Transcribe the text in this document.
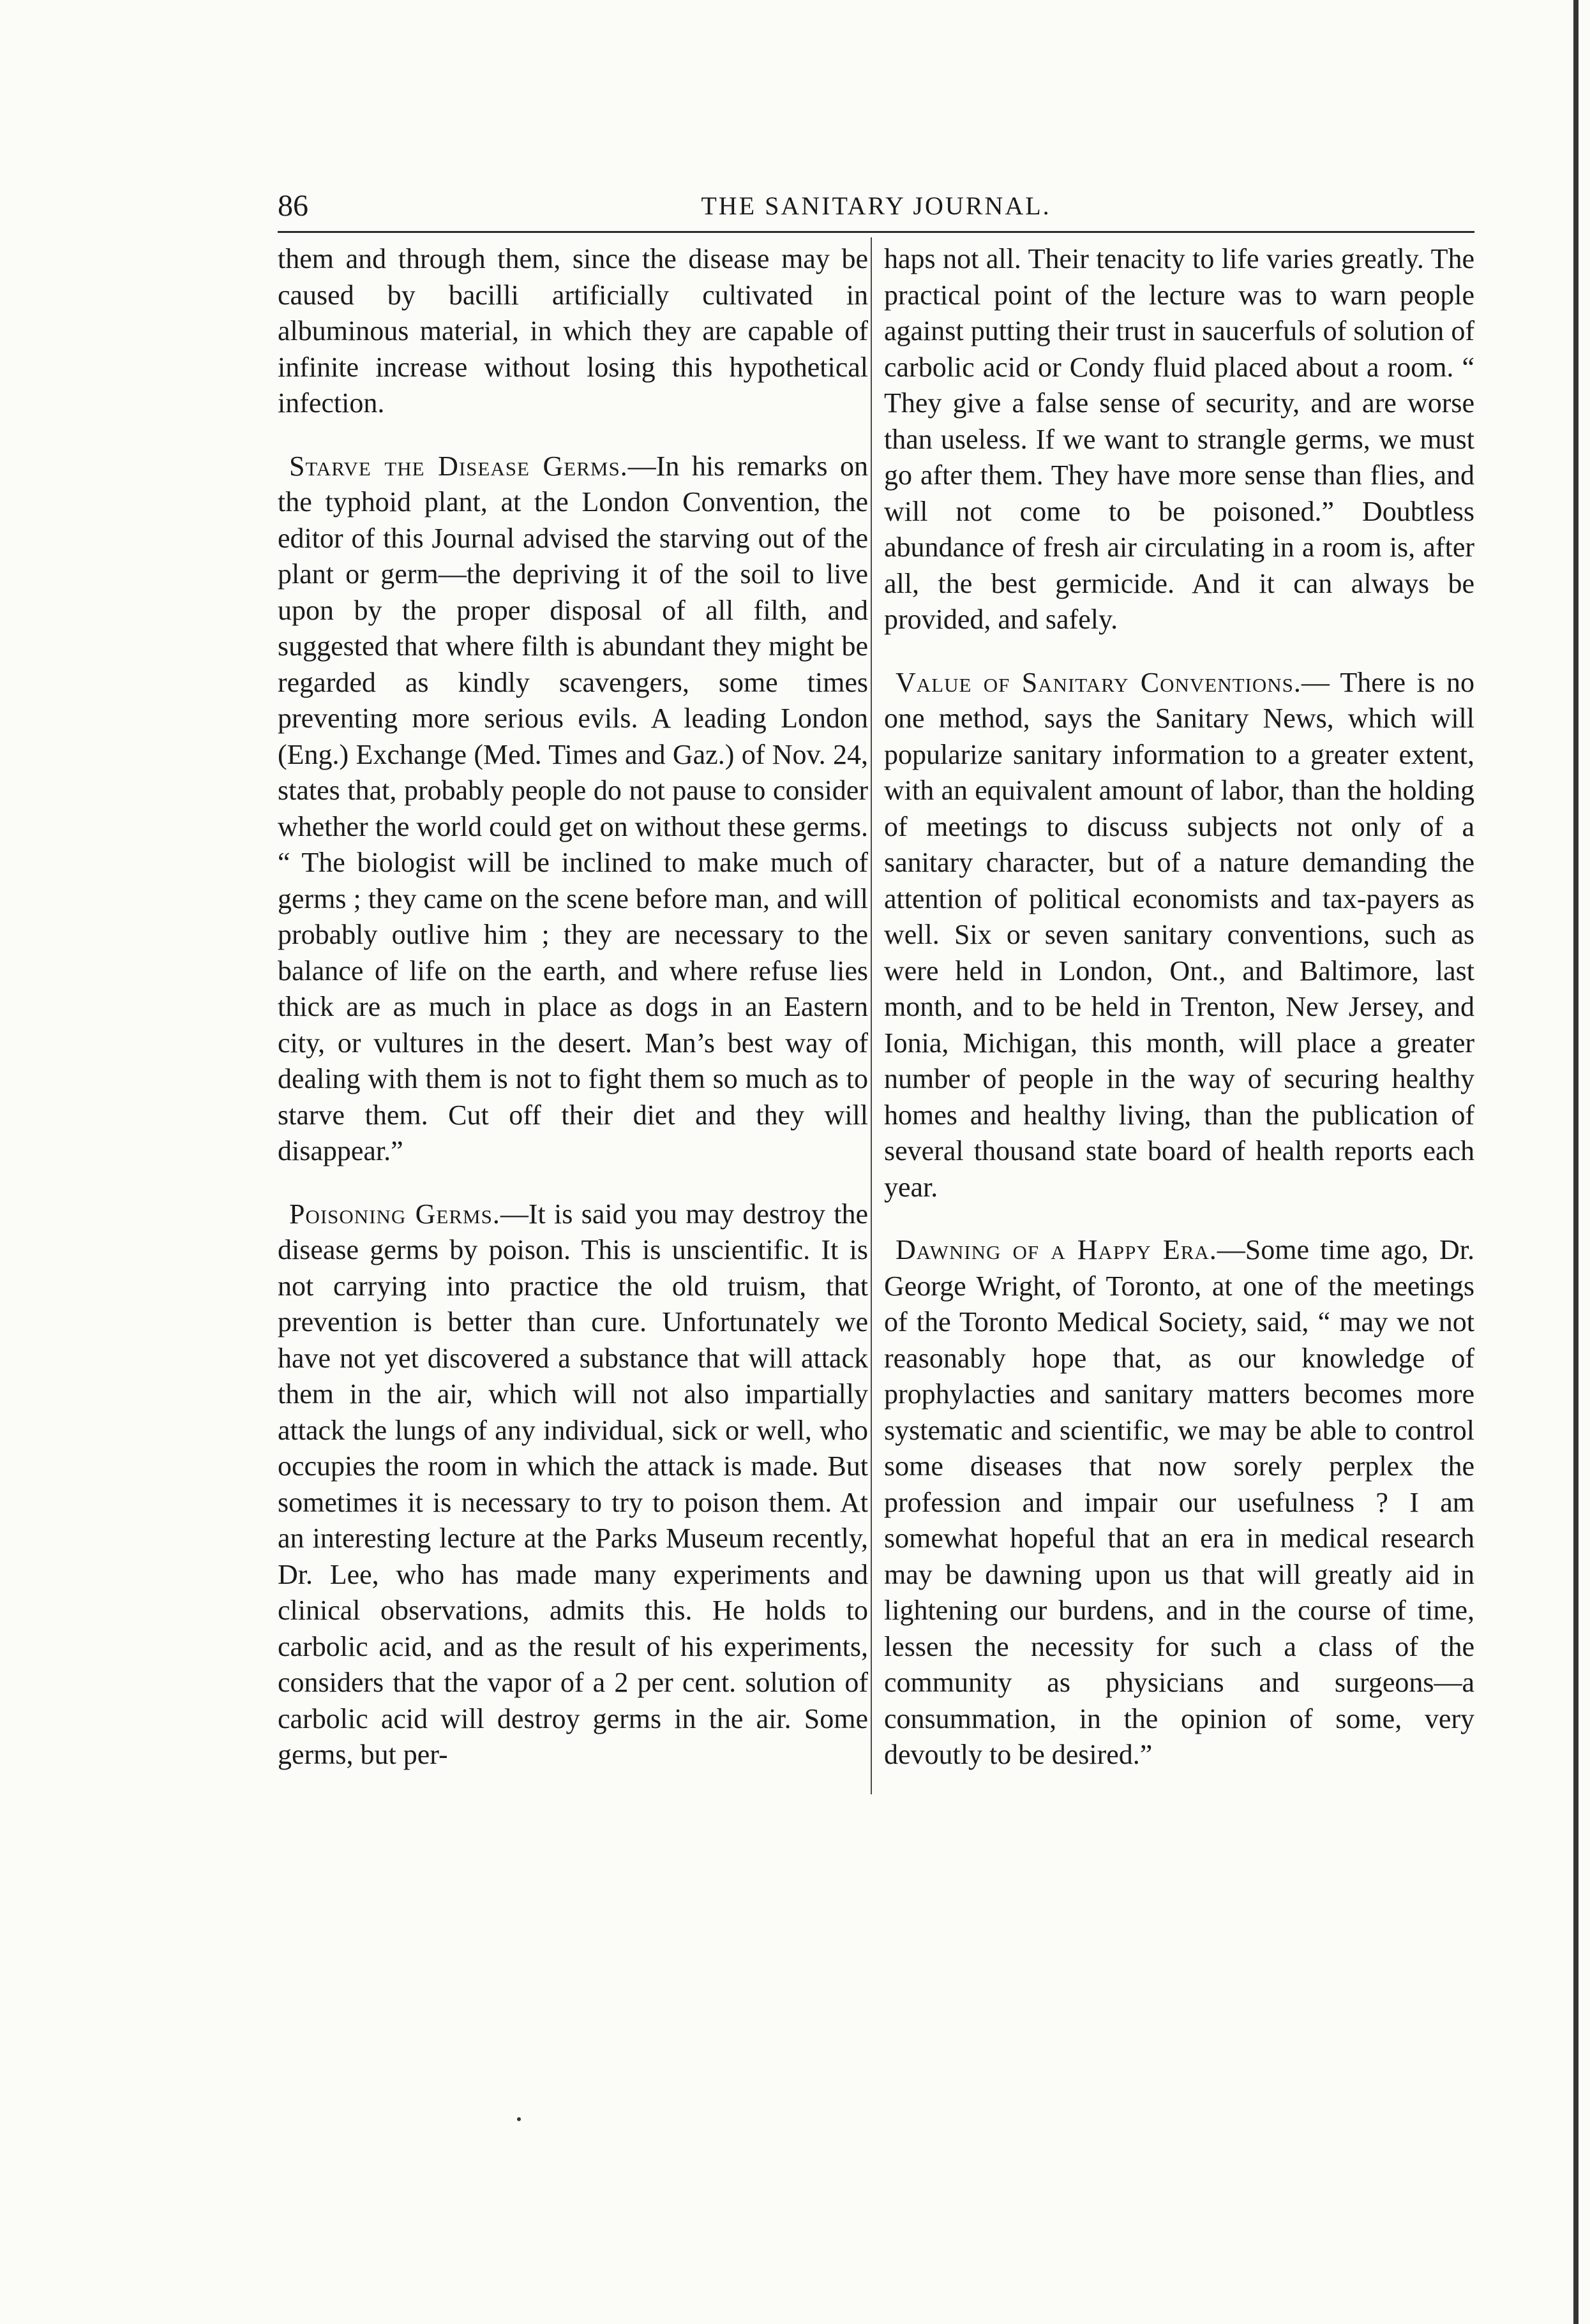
86	THE SANITARY JOURNAL.

them and through them, since the disease may be caused by bacilli artificially cultivated in albuminous material, in which they are capable of infinite increase without losing this hypothetical infection.

Starve the Disease Germs.—In his remarks on the typhoid plant, at the London Convention, the editor of this Journal advised the starving out of the plant or germ—the depriving it of the soil to live upon by the proper disposal of all filth, and suggested that where filth is abundant they might be regarded as kindly scavengers, some times preventing more serious evils. A leading London (Eng.) Exchange (Med. Times and Gaz.) of Nov. 24, states that, probably people do not pause to consider whether the world could get on without these germs. “ The biologist will be inclined to make much of germs ; they came on the scene before man, and will probably outlive him ; they are necessary to the balance of life on the earth, and where refuse lies thick are as much in place as dogs in an Eastern city, or vultures in the desert. Man’s best way of dealing with them is not to fight them so much as to starve them. Cut off their diet and they will disappear.”

Poisoning Germs.—It is said you may destroy the disease germs by poison. This is unscientific. It is not carrying into practice the old truism, that prevention is better than cure. Unfortunately we have not yet discovered a substance that will attack them in the air, which will not also impartially attack the lungs of any individual, sick or well, who occupies the room in which the attack is made. But sometimes it is necessary to try to poison them. At an interesting lecture at the Parks Museum recently, Dr. Lee, who has made many experiments and clinical observations, admits this. He holds to carbolic acid, and as the result of his experiments, considers that the vapor of a 2 per cent. solution of carbolic acid will destroy germs in the air. Some germs, but per-

haps not all. Their tenacity to life varies greatly. The practical point of the lecture was to warn people against putting their trust in saucerfuls of solution of carbolic acid or Condy fluid placed about a room. “ They give a false sense of security, and are worse than useless. If we want to strangle germs, we must go after them. They have more sense than flies, and will not come to be poisoned.” Doubtless abundance of fresh air circulating in a room is, after all, the best germicide. And it can always be provided, and safely.

Value of Sanitary Conventions.— There is no one method, says the Sanitary News, which will popularize sanitary information to a greater extent, with an equivalent amount of labor, than the holding of meetings to discuss subjects not only of a sanitary character, but of a nature demanding the attention of political economists and tax-payers as well. Six or seven sanitary conventions, such as were held in London, Ont., and Baltimore, last month, and to be held in Trenton, New Jersey, and Ionia, Michigan, this month, will place a greater number of people in the way of securing healthy homes and healthy living, than the publication of several thousand state board of health reports each year.

Dawning of a Happy Era.—Some time ago, Dr. George Wright, of Toronto, at one of the meetings of the Toronto Medical Society, said, “ may we not reasonably hope that, as our knowledge of prophylacties and sanitary matters becomes more systematic and scientific, we may be able to control some diseases that now sorely perplex the profession and impair our usefulness ? I am somewhat hopeful that an era in medical research may be dawning upon us that will greatly aid in lightening our burdens, and in the course of time, lessen the necessity for such a class of the community as physicians and surgeons—a consummation, in the opinion of some, very devoutly to be desired.”
